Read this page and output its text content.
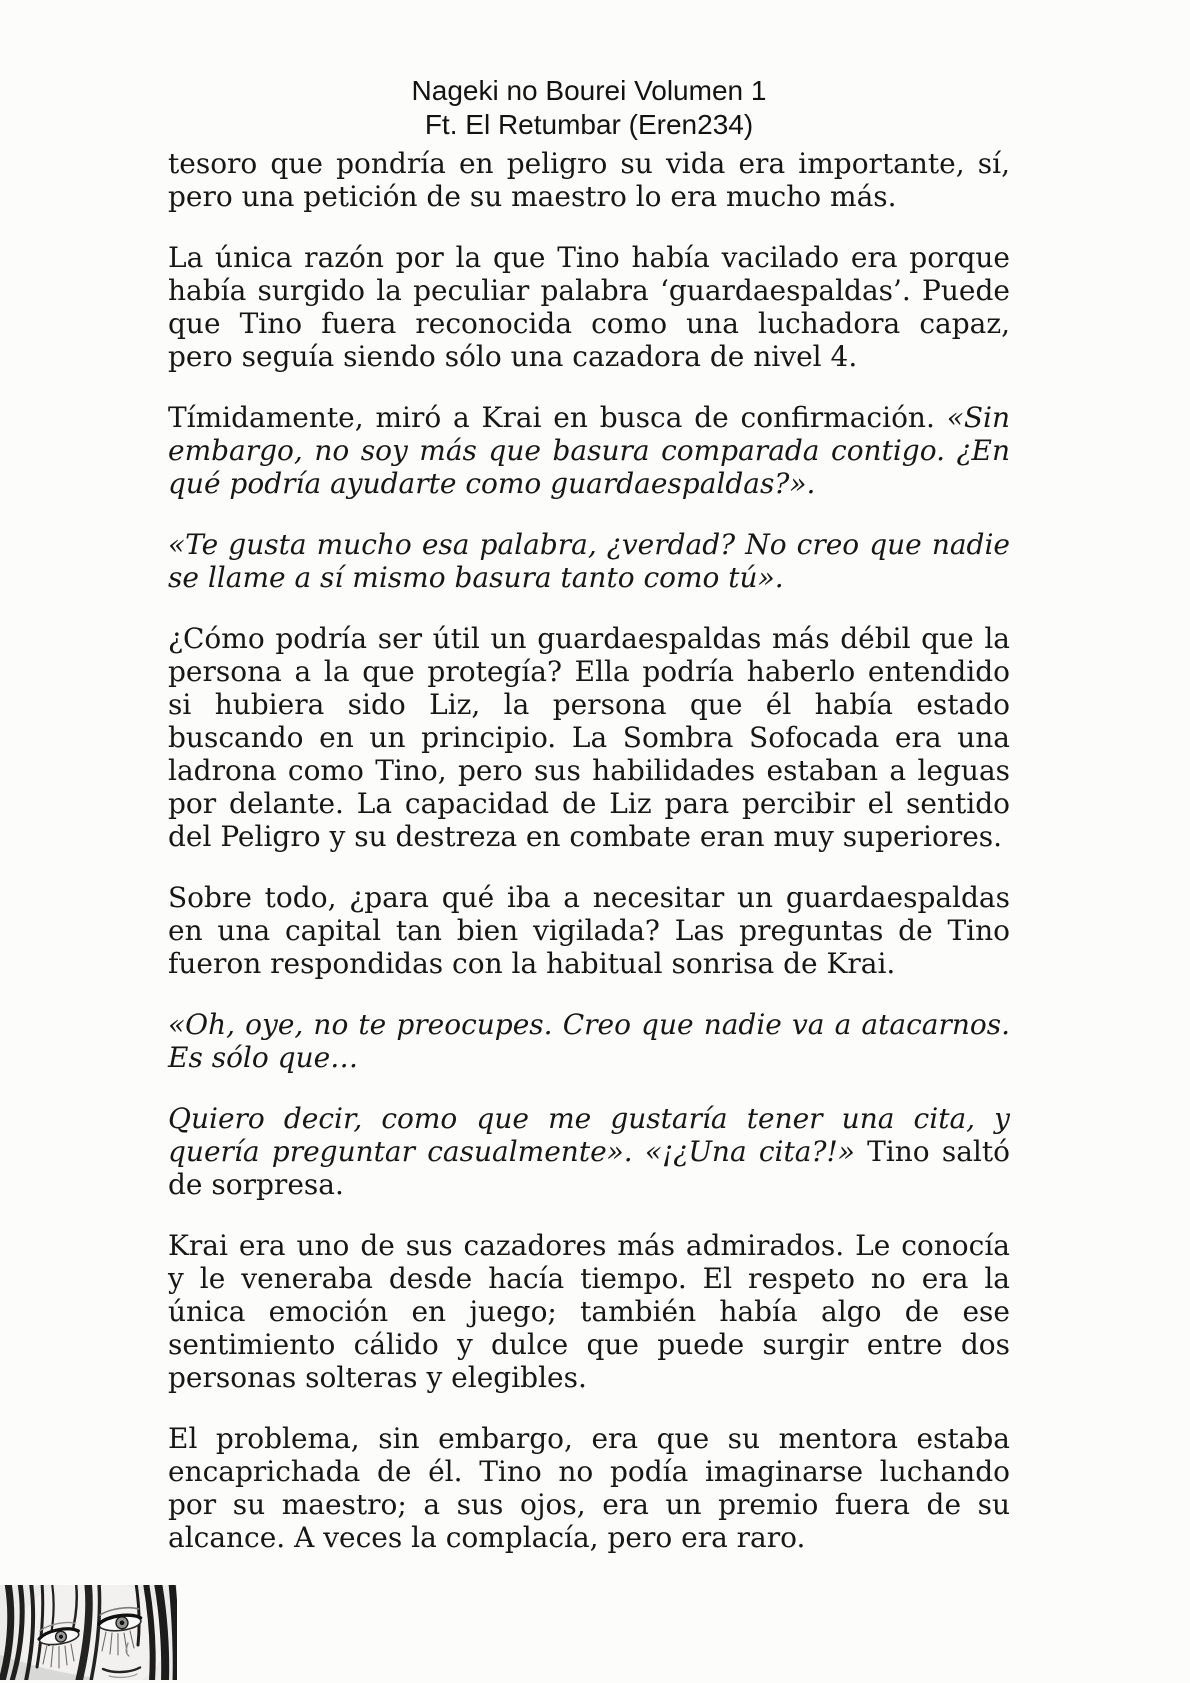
Nageki no Bourei Volumen 1
Ft. El Retumbar (Eren234)

tesoro que pondría en peligro su vida era importante, sí, pero una petición de su maestro lo era mucho más.

La única razón por la que Tino había vacilado era porque había surgido la peculiar palabra ‘guardaespaldas’. Puede que Tino fuera reconocida como una luchadora capaz, pero seguía siendo sólo una cazadora de nivel 4.

Tímidamente, miró a Krai en busca de confirmación. «Sin embargo, no soy más que basura comparada contigo. ¿En qué podría ayudarte como guardaespaldas?».

«Te gusta mucho esa palabra, ¿verdad? No creo que nadie se llame a sí mismo basura tanto como tú».

¿Cómo podría ser útil un guardaespaldas más débil que la persona a la que protegía? Ella podría haberlo entendido si hubiera sido Liz, la persona que él había estado buscando en un principio. La Sombra Sofocada era una ladrona como Tino, pero sus habilidades estaban a leguas por delante. La capacidad de Liz para percibir el sentido del Peligro y su destreza en combate eran muy superiores.

Sobre todo, ¿para qué iba a necesitar un guardaespaldas en una capital tan bien vigilada? Las preguntas de Tino fueron respondidas con la habitual sonrisa de Krai.

«Oh, oye, no te preocupes. Creo que nadie va a atacarnos. Es sólo que…

Quiero decir, como que me gustaría tener una cita, y quería preguntar casualmente». «¡¿Una cita?!» Tino saltó de sorpresa.

Krai era uno de sus cazadores más admirados. Le conocía y le veneraba desde hacía tiempo. El respeto no era la única emoción en juego; también había algo de ese sentimiento cálido y dulce que puede surgir entre dos personas solteras y elegibles.

El problema, sin embargo, era que su mentora estaba encaprichada de él. Tino no podía imaginarse luchando por su maestro; a sus ojos, era un premio fuera de su alcance. A veces la complacía, pero era raro.
